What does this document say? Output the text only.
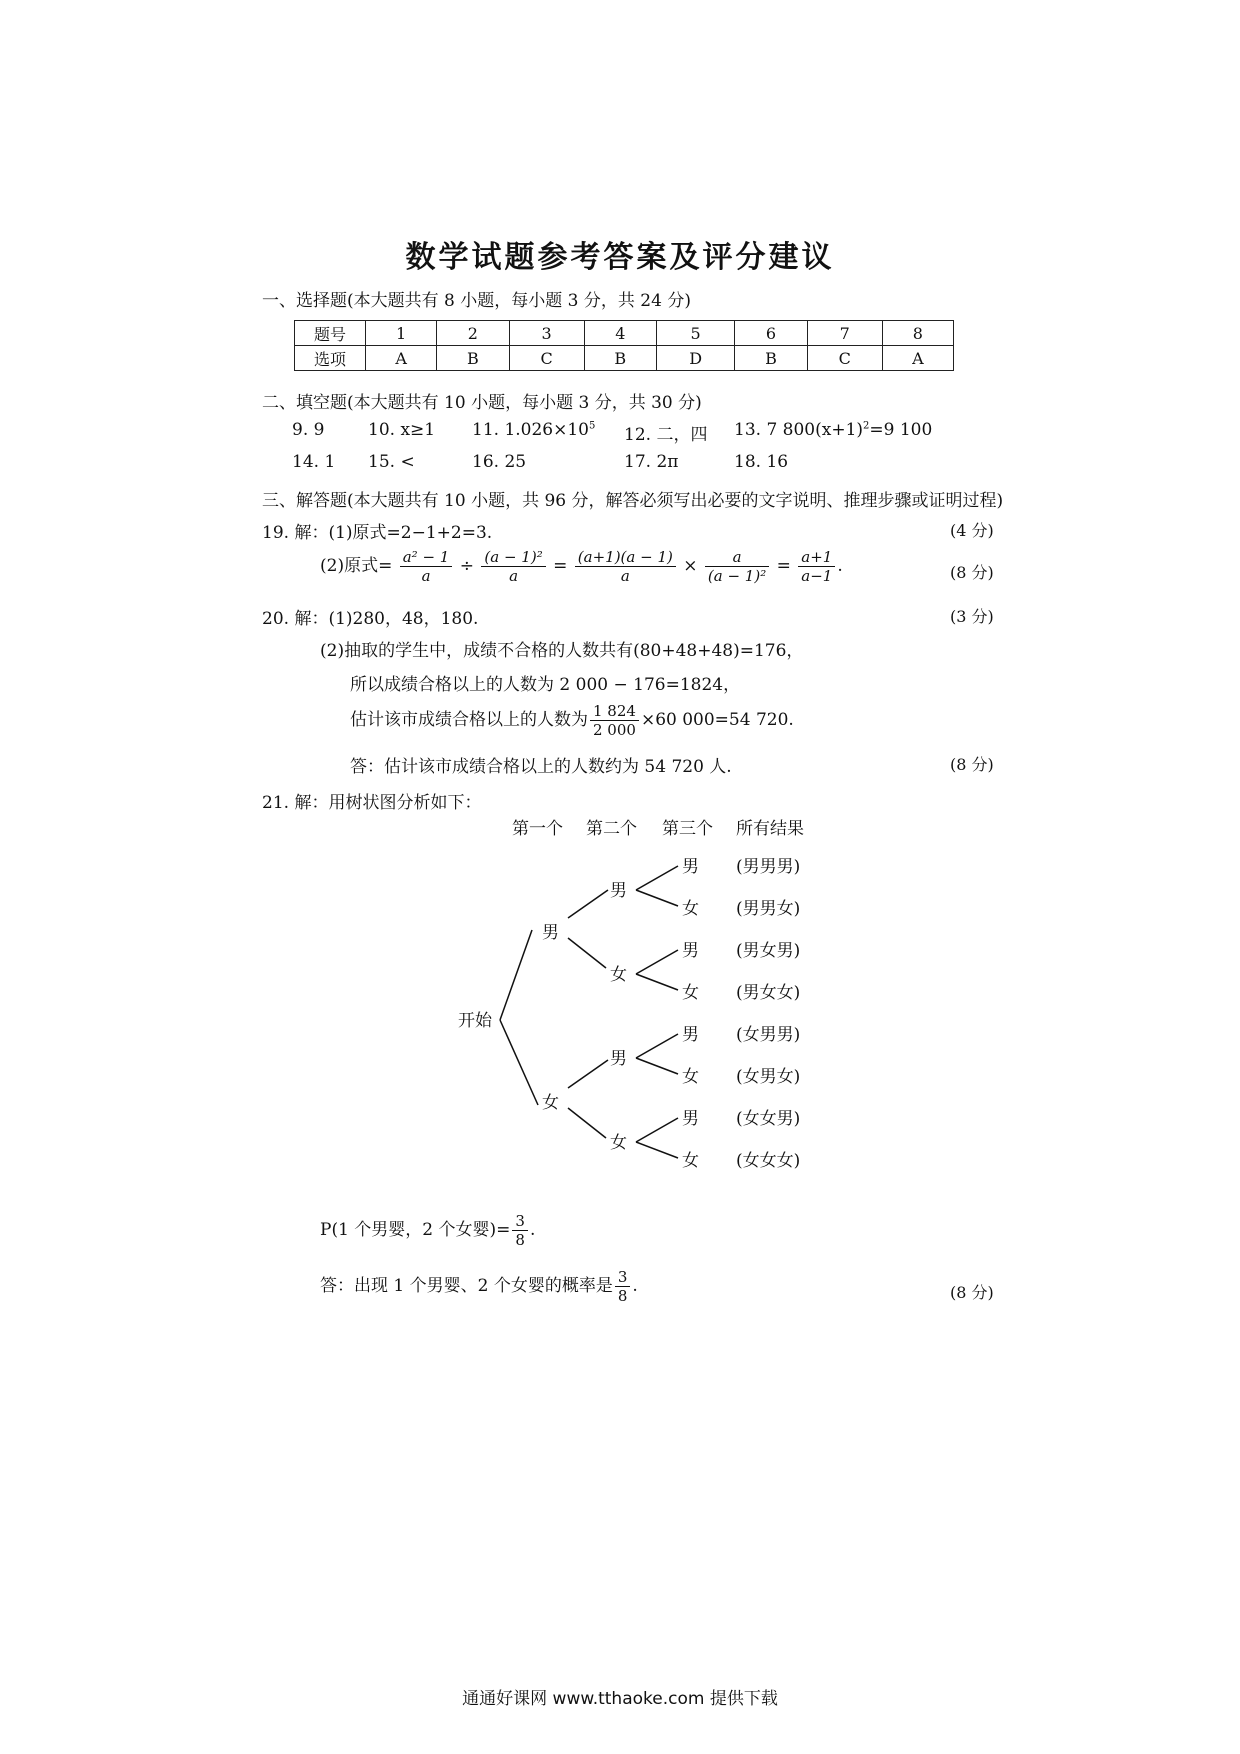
数学试题参考答案及评分建议
一、选择题(本大题共有 8 小题，每小题 3 分，共 24 分)
题号	1	2	3	4	5	6	7	8
选项	A	B	C	B	D	B	C	A
二、填空题(本大题共有 10 小题，每小题 3 分，共 30 分)
9. 9	10. x≥1 11. $1.026\times 10^5$ 12. 二，四 13. 7 $800(x+1)^2=9$ 100
14. 1 15. <	16. 25	17. 2π	18. 16
三、解答题(本大题共有 10 小题，共 96 分，解答必须写出必要的文字说明、推理步骤或证明过程)
19. 解：(1)原式=2−1+2=3.	(4 分)
(2)原式= $\frac{\text{a² − 1}}{a} \div \frac{\text{(a − 1)²}}{a} = \frac{(a+1)(a - 1)}{a} \times \frac{a}{\text{(a − 1)²}} = \frac{a+1}{a-1}$ .	(8 分)
20. 解：(1)280，48，180.	(3 分)
(2)抽取的学生中，成绩不合格的人数共有(80+48+48)=176，
所以成绩合格以上的人数为 2 000 − 176=1824，
估计该市成绩合格以上的人数为 $\frac{1 824}{2 000} \times 60$ 000=54 720.
答：估计该市成绩合格以上的人数约为 54 720 人.	(8 分)
21. 解：用树状图分析如下：
第一个 第二个 第三个 所有结果
开始
男
女
男
女
男
女
男
女
男
女
男
女
男
女
(男男男)
(男男女)
(男女男)
(男女女)
(女男男)
(女男女)
(女女男)
(女女女)
P(1 个男婴，2 个女婴)= $\frac{3}{8}$ .
答：出现 1 个男婴、2 个女婴的概率是 $\frac{3}{8}$ .	(8 分)
通通好课网 www.tthaoke.com 提供下载
